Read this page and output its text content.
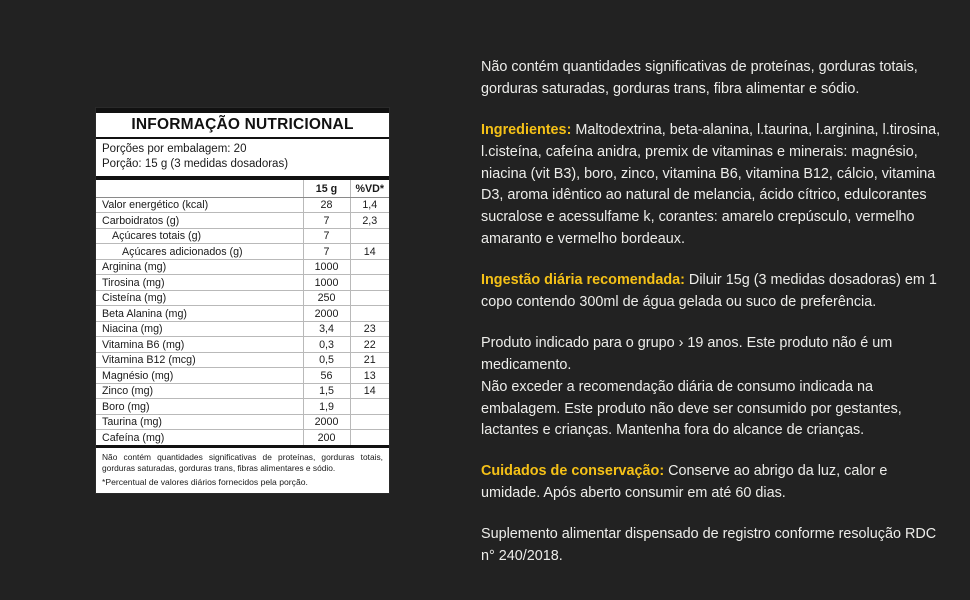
INFORMAÇÃO NUTRICIONAL
Porções por embalagem: 20
Porção: 15 g (3 medidas dosadoras)
	15 g	%VD*
Valor energético (kcal)	28	1,4
Carboidratos (g)	7	2,3
Açúcares totais (g)	7	
Açúcares adicionados (g)	7	14
Arginina (mg)	1000	
Tirosina (mg)	1000	
Cisteína (mg)	250	
Beta Alanina (mg)	2000	
Niacina (mg)	3,4	23
Vitamina B6 (mg)	0,3	22
Vitamina B12 (mcg)	0,5	21
Magnésio (mg)	56	13
Zinco (mg)	1,5	14
Boro (mg)	1,9	
Taurina (mg)	2000	
Cafeína (mg)	200	

Não contém quantidades significativas de proteínas, gorduras totais, gorduras saturadas, gorduras trans, fibras alimentares e sódio.

*Percentual de valores diários fornecidos pela porção.

Não contém quantidades significativas de proteínas, gorduras totais, gorduras saturadas, gorduras trans, fibra alimentar e sódio.

Ingredientes: Maltodextrina, beta-alanina, l.taurina, l.arginina, l.tirosina, l.cisteína, cafeína anidra, premix de vitaminas e minerais: magnésio, niacina (vit B3), boro, zinco, vitamina B6, vitamina B12, cálcio, vitamina D3, aroma idêntico ao natural de melancia, ácido cítrico, edulcorantes sucralose e acessulfame k, corantes: amarelo crepúsculo, vermelho amaranto e vermelho bordeaux.

Ingestão diária recomendada: Diluir 15g (3 medidas dosadoras) em 1 copo contendo 300ml de água gelada ou suco de preferência.

Produto indicado para o grupo › 19 anos. Este produto não é um medicamento.

Não exceder a recomendação diária de consumo indicada na embalagem. Este produto não deve ser consumido por gestantes, lactantes e crianças. Mantenha fora do alcance de crianças.

Cuidados de conservação: Conserve ao abrigo da luz, calor e umidade. Após aberto consumir em até 60 dias.

Suplemento alimentar dispensado de registro conforme resolução RDC n° 240/2018.
